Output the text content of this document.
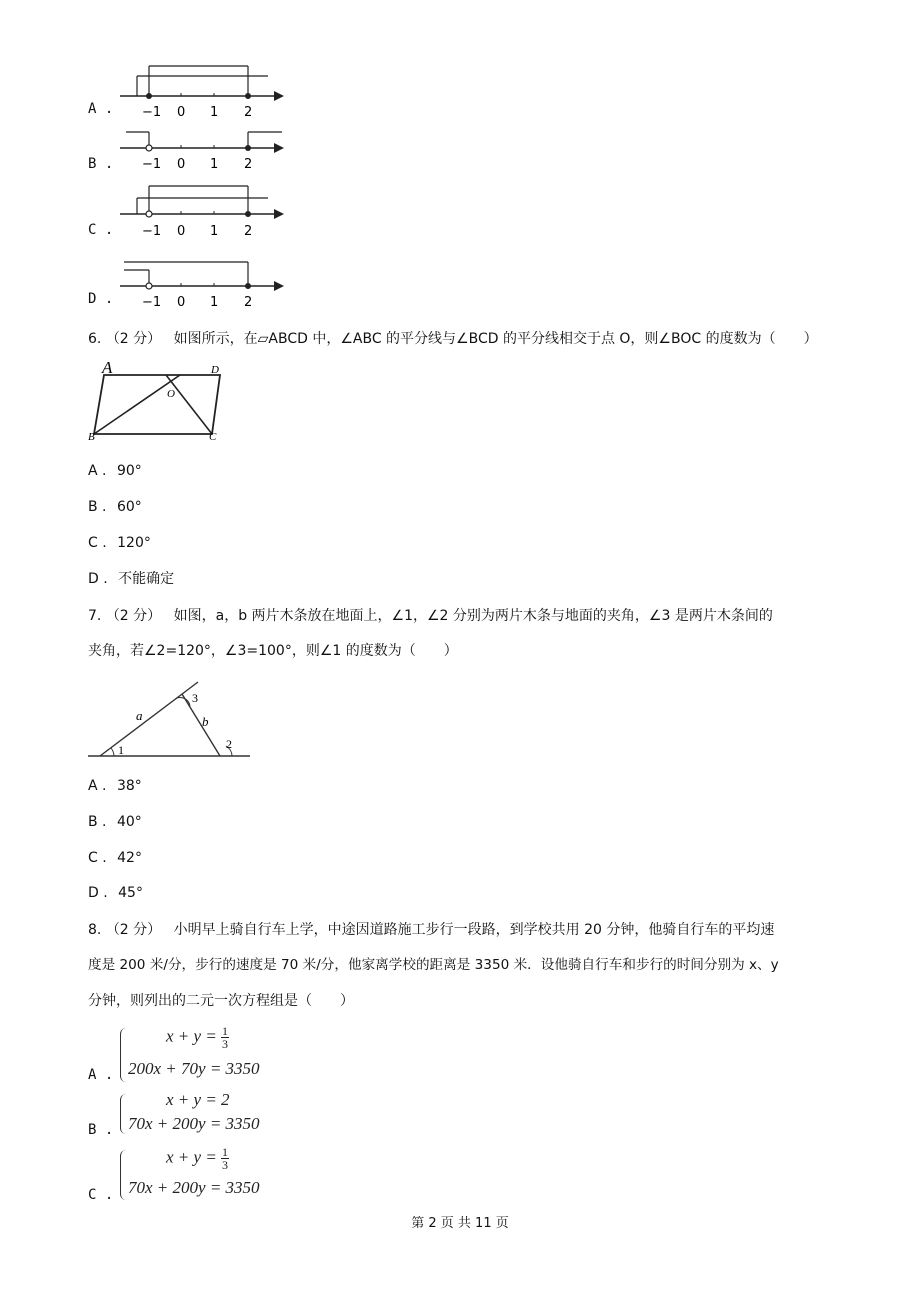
A . −1 0 1 2
B . −1 0 1 2
C . −1 0 1 2
D . −1 0 1 2
6. （2 分） 如图所示，在▱ABCD 中，∠ABC 的平分线与∠BCD 的平分线相交于点 O，则∠BOC 的度数为（　　）
A	D
B	C
O
A . 90°
B . 60°
C . 120°
D . 不能确定
7. （2 分） 如图，a，b 两片木条放在地面上，∠1，∠2 分别为两片木条与地面的夹角，∠3 是两片木条间的
夹角，若∠2=120°，∠3=100°，则∠1 的度数为（　　）
a	b
1	2
3
A . 38°
B . 40°
C . 42°
D . 45°
8. （2 分） 小明早上骑自行车上学，中途因道路施工步行一段路，到学校共用 20 分钟，他骑自行车的平均速
度是 200 米/分，步行的速度是 70 米/分，他家离学校的距离是 3350 米．设他骑自行车和步行的时间分别为 x、y
分钟，则列出的二元一次方程组是（　　）
A .
$x + y = \frac{1}{3}$
200x + 70y = 3350
B .
x + y = 2
70x + 200y = 3350
C .
$x + y = \frac{1}{3}$
70x + 200y = 3350
第 2 页 共 11 页
